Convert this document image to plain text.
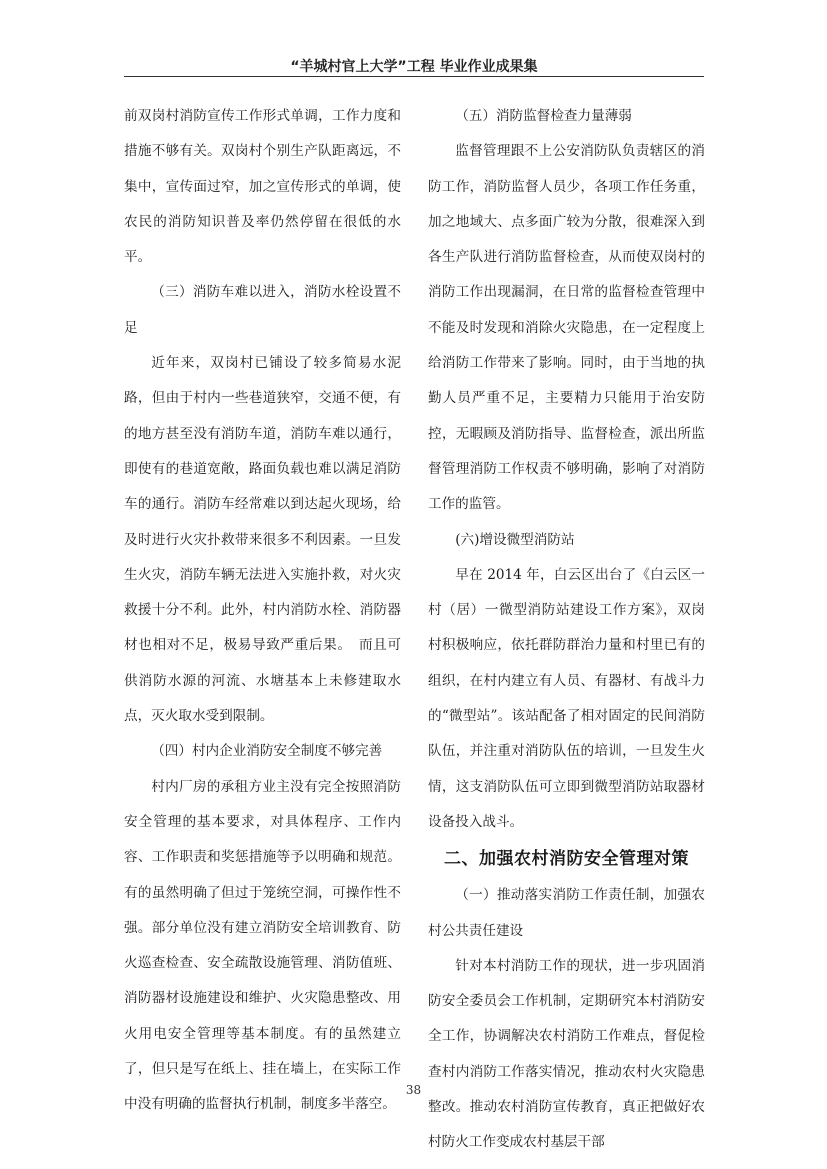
“羊城村官上大学”工程 毕业作业成果集

前双岗村消防宣传工作形式单调，工作力度和措施不够有关。双岗村个别生产队距离远，不集中，宣传面过窄，加之宣传形式的单调，使农民的消防知识普及率仍然停留在很低的水平。

（三）消防车难以进入，消防水栓设置不足

近年来，双岗村已铺设了较多简易水泥路，但由于村内一些巷道狭窄，交通不便，有的地方甚至没有消防车道，消防车难以通行，即使有的巷道宽敞，路面负载也难以满足消防车的通行。消防车经常难以到达起火现场，给及时进行火灾扑救带来很多不利因素。一旦发生火灾，消防车辆无法进入实施扑救，对火灾救援十分不利。此外，村内消防水栓、消防器材也相对不足，极易导致严重后果。　而且可供消防水源的河流、水塘基本上未修建取水点，灭火取水受到限制。

（四）村内企业消防安全制度不够完善

村内厂房的承租方业主没有完全按照消防安全管理的基本要求，对具体程序、工作内容、工作职责和奖惩措施等予以明确和规范。有的虽然明确了但过于笼统空洞，可操作性不强。部分单位没有建立消防安全培训教育、防火巡查检查、安全疏散设施管理、消防值班、消防器材设施建设和维护、火灾隐患整改、用火用电安全管理等基本制度。有的虽然建立了，但只是写在纸上、挂在墙上，在实际工作中没有明确的监督执行机制，制度多半落空。

（五）消防监督检查力量薄弱

监督管理跟不上公安消防队负责辖区的消防工作，消防监督人员少，各项工作任务重，加之地域大、点多面广较为分散，很难深入到各生产队进行消防监督检查，从而使双岗村的消防工作出现漏洞，在日常的监督检查管理中不能及时发现和消除火灾隐患，在一定程度上给消防工作带来了影响。同时，由于当地的执勤人员严重不足，主要精力只能用于治安防控，无暇顾及消防指导、监督检查，派出所监督管理消防工作权责不够明确，影响了对消防工作的监管。

(六)增设微型消防站

早在 2014 年，白云区出台了《白云区一村（居）一微型消防站建设工作方案》，双岗村积极响应，依托群防群治力量和村里已有的组织，在村内建立有人员、有器材、有战斗力的“微型站”。该站配备了相对固定的民间消防队伍，并注重对消防队伍的培训，一旦发生火情，这支消防队伍可立即到微型消防站取器材设备投入战斗。

二、加强农村消防安全管理对策

（一）推动落实消防工作责任制，加强农村公共责任建设

针对本村消防工作的现状，进一步巩固消防安全委员会工作机制，定期研究本村消防安全工作，协调解决农村消防工作难点，督促检查村内消防工作落实情况，推动农村火灾隐患整改。推动农村消防宣传教育，真正把做好农村防火工作变成农村基层干部

38
